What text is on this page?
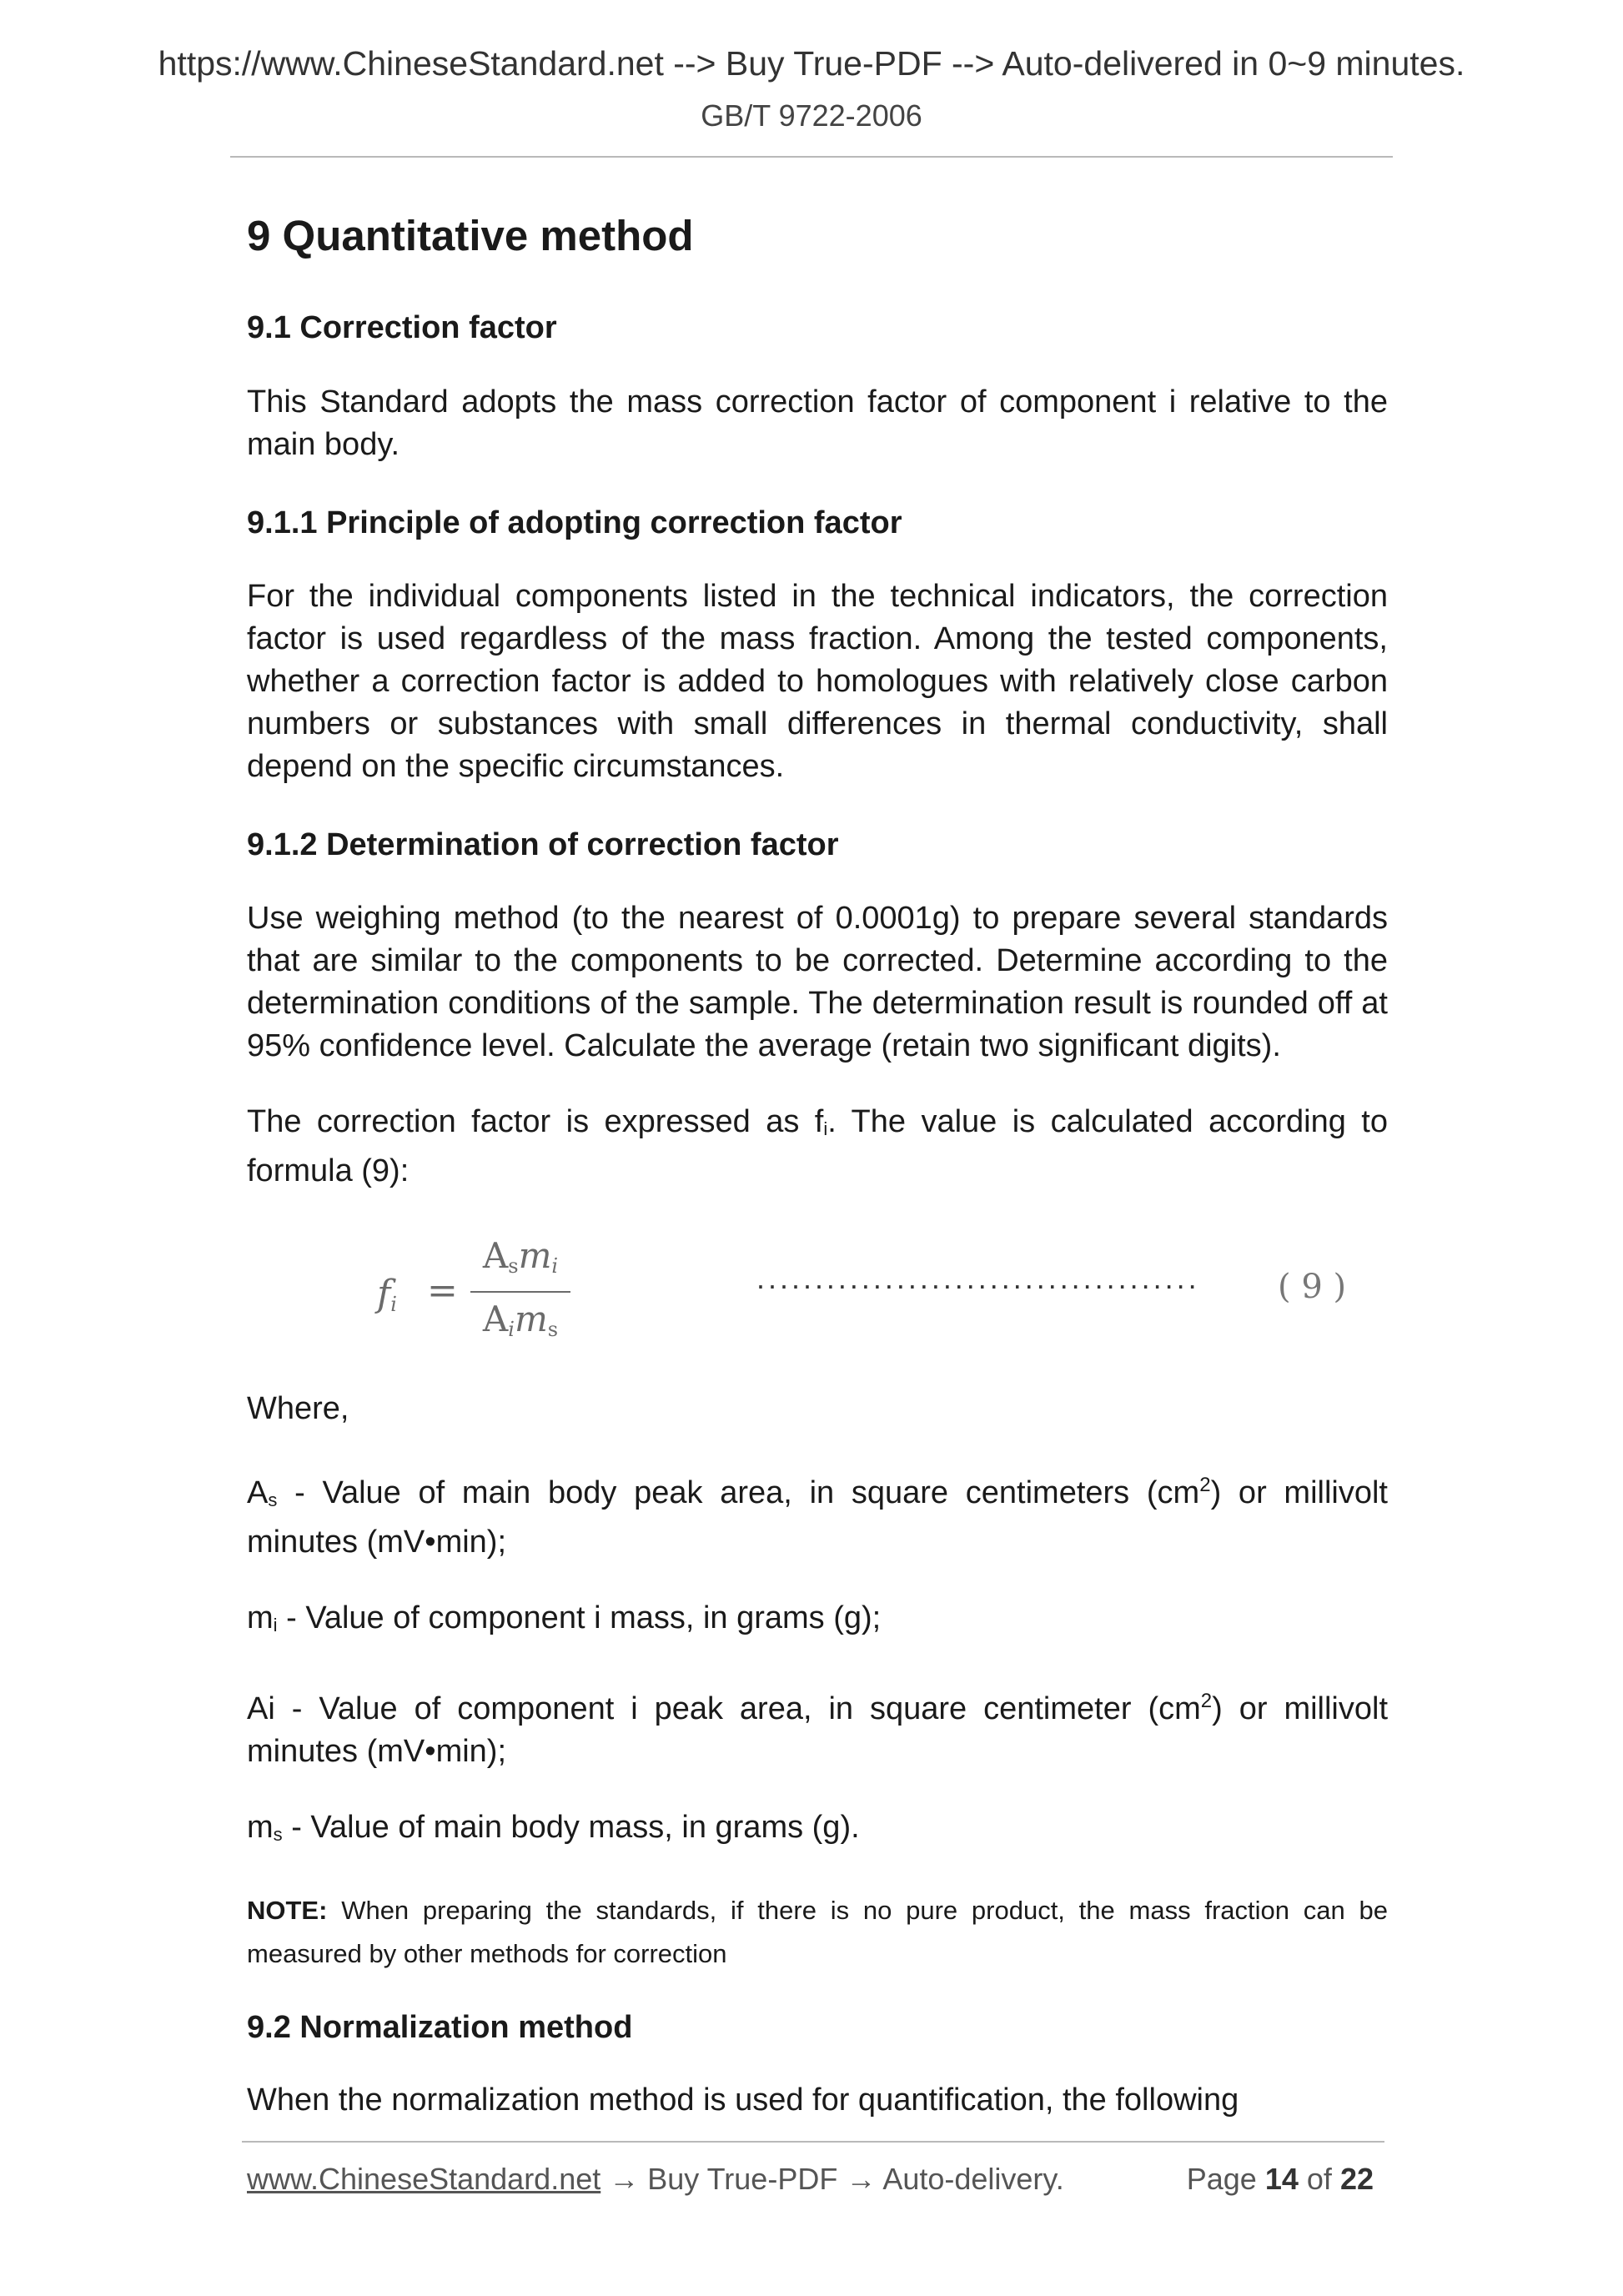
https://www.ChineseStandard.net --> Buy True-PDF --> Auto-delivered in 0~9 minutes.
GB/T 9722-2006
9 Quantitative method
9.1 Correction factor
This Standard adopts the mass correction factor of component i relative to the main body.
9.1.1 Principle of adopting correction factor
For the individual components listed in the technical indicators, the correction factor is used regardless of the mass fraction. Among the tested components, whether a correction factor is added to homologues with relatively close carbon numbers or substances with small differences in thermal conductivity, shall depend on the specific circumstances.
9.1.2 Determination of correction factor
Use weighing method (to the nearest of 0.0001g) to prepare several standards that are similar to the components to be corrected. Determine according to the determination conditions of the sample. The determination result is rounded off at 95% confidence level. Calculate the average (retain two significant digits).
The correction factor is expressed as fi. The value is calculated according to formula (9):
$f_i$ =
$A_sm_i$
$A_im_s$
······································ ( 9 )
Where,
As - Value of main body peak area, in square centimeters $(cm^2)$ or millivolt minutes (mV•min);
mi - Value of component i mass, in grams (g);
Ai - Value of component i peak area, in square centimeter $(cm^2)$ or millivolt minutes (mV•min);
ms - Value of main body mass, in grams (g).
NOTE: When preparing the standards, if there is no pure product, the mass fraction can be measured by other methods for correction
9.2 Normalization method
When the normalization method is used for quantification, the following
www.ChineseStandard.net → Buy True-PDF → Auto-delivery.	Page 14 of 22
